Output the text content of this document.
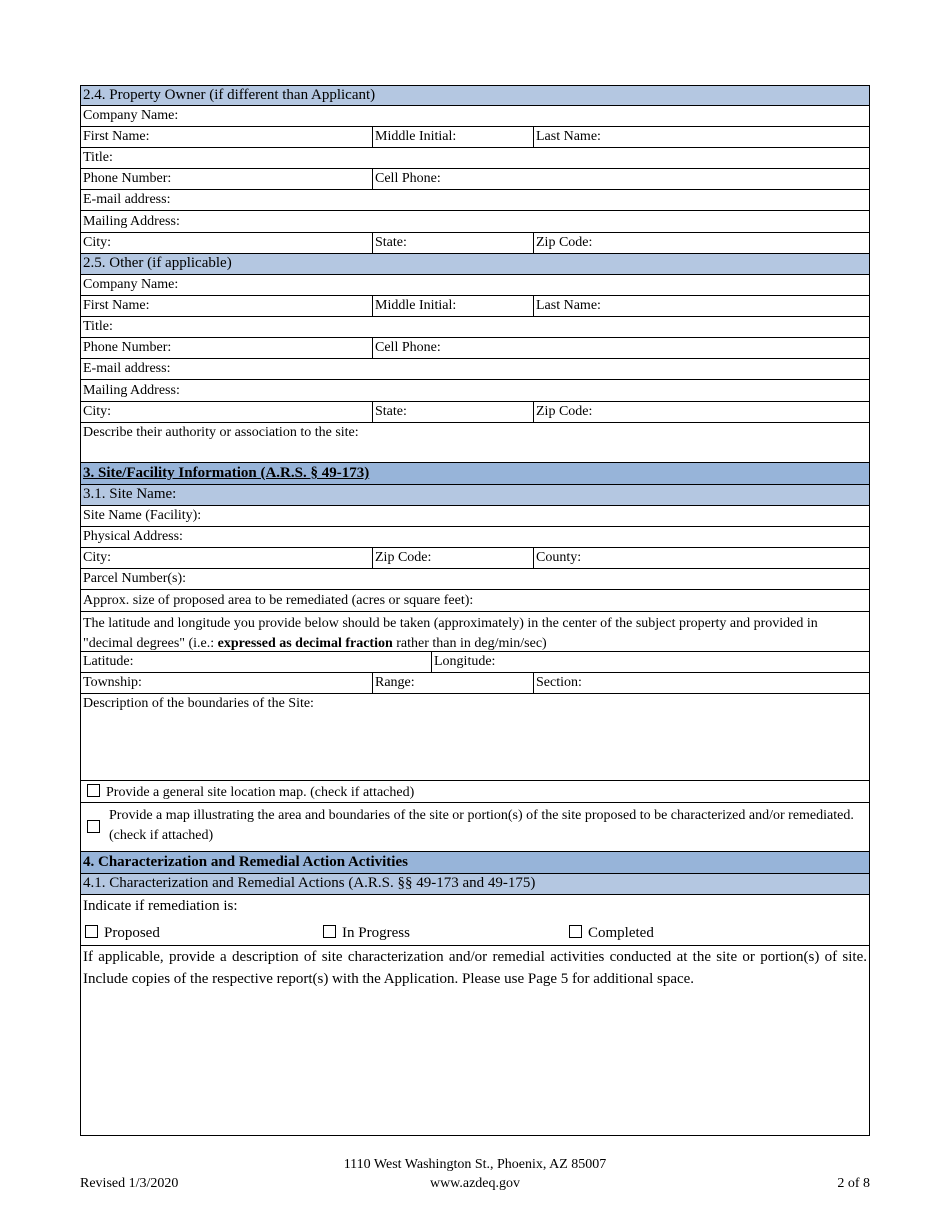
2.4. Property Owner (if different than Applicant)
Company Name:
First Name:	Middle Initial:	Last Name:
Title:
Phone Number:	Cell Phone:
E-mail address:
Mailing Address:
City:	State:	Zip Code:
2.5. Other (if applicable)
Company Name:
First Name:	Middle Initial:	Last Name:
Title:
Phone Number:	Cell Phone:
E-mail address:
Mailing Address:
City:	State:	Zip Code:
Describe their authority or association to the site:
3. Site/Facility Information (A.R.S. § 49-173)
3.1. Site Name:
Site Name (Facility):
Physical Address:
City:	Zip Code:	County:
Parcel Number(s):
Approx. size of proposed area to be remediated (acres or square feet):
The latitude and longitude you provide below should be taken (approximately) in the center of the subject property and provided in "decimal degrees" (i.e.: expressed as decimal fraction rather than in deg/min/sec)
Latitude:	Longitude:
Township:	Range:	Section:
Description of the boundaries of the Site:
Provide a general site location map. (check if attached)
Provide a map illustrating the area and boundaries of the site or portion(s) of the site proposed to be characterized and/or remediated. (check if attached)
4. Characterization and Remedial Action Activities
4.1. Characterization and Remedial Actions (A.R.S. §§ 49-173 and 49-175)
Indicate if remediation is:
Proposed	In Progress	Completed
If applicable, provide a description of site characterization and/or remedial activities conducted at the site or portion(s) of site. Include copies of the respective report(s) with the Application. Please use Page 5 for additional space.
1110 West Washington St., Phoenix, AZ 85007
www.azdeq.gov
Revised 1/3/2020	2 of 8
